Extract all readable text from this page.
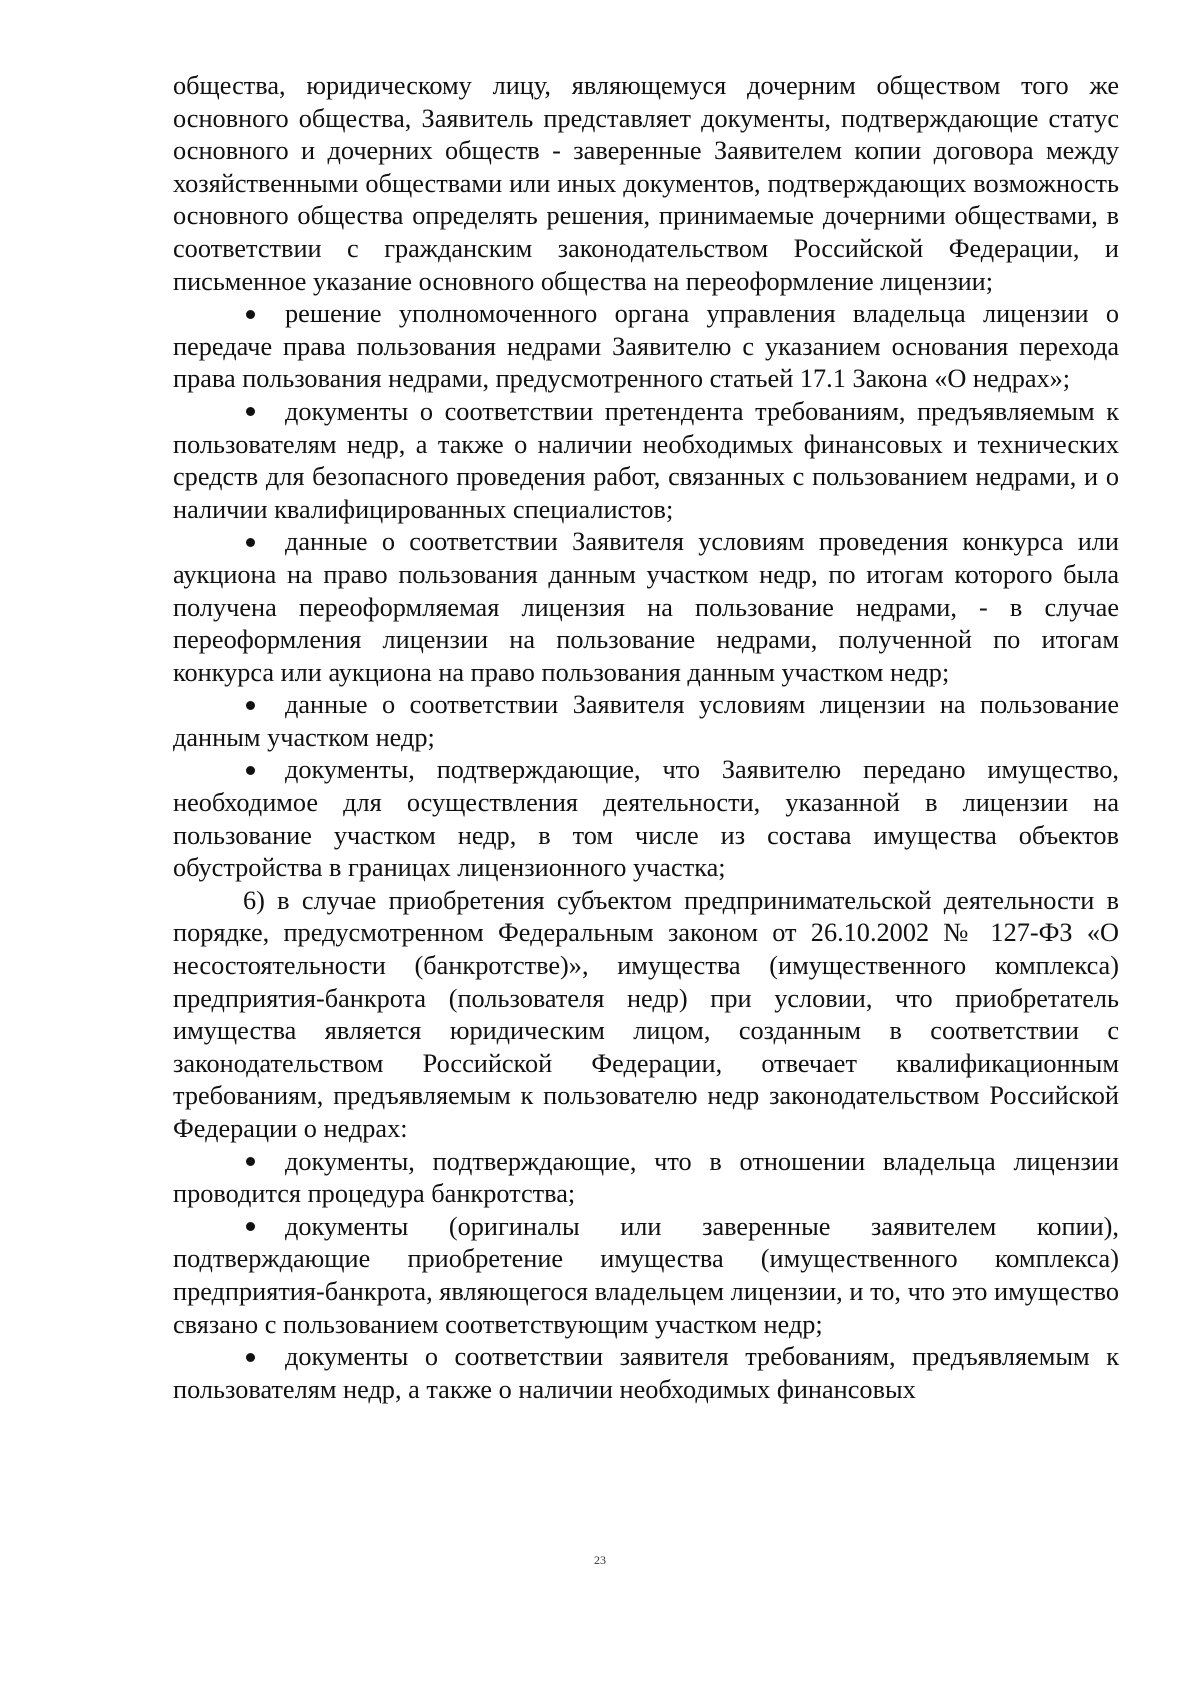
общества, юридическому лицу, являющемуся дочерним обществом того же основного общества, Заявитель представляет документы, подтверждающие статус основного и дочерних обществ - заверенные Заявителем копии договора между хозяйственными обществами или иных документов, подтверждающих возможность основного общества определять решения, принимаемые дочерними обществами, в соответствии с гражданским законодательством Российской Федерации, и письменное указание основного общества на переоформление лицензии;

решение уполномоченного органа управления владельца лицензии о передаче права пользования недрами Заявителю с указанием основания перехода права пользования недрами, предусмотренного статьей 17.1 Закона «О недрах»;

документы о соответствии претендента требованиям, предъявляемым к пользователям недр, а также о наличии необходимых финансовых и технических средств для безопасного проведения работ, связанных с пользованием недрами, и о наличии квалифицированных специалистов;

данные о соответствии Заявителя условиям проведения конкурса или аукциона на право пользования данным участком недр, по итогам которого была получена переоформляемая лицензия на пользование недрами, - в случае переоформления лицензии на пользование недрами, полученной по итогам конкурса или аукциона на право пользования данным участком недр;

данные о соответствии Заявителя условиям лицензии на пользование данным участком недр;

документы, подтверждающие, что Заявителю передано имущество, необходимое для осуществления деятельности, указанной в лицензии на пользование участком недр, в том числе из состава имущества объектов обустройства в границах лицензионного участка;

6) в случае приобретения субъектом предпринимательской деятельности в порядке, предусмотренном Федеральным законом от 26.10.2002 № 127-ФЗ «О несостоятельности (банкротстве)», имущества (имущественного комплекса) предприятия-банкрота (пользователя недр) при условии, что приобретатель имущества является юридическим лицом, созданным в соответствии с законодательством Российской Федерации, отвечает квалификационным требованиям, предъявляемым к пользователю недр законодательством Российской Федерации о недрах:

документы, подтверждающие, что в отношении владельца лицензии проводится процедура банкротства;

документы (оригиналы или заверенные заявителем копии), подтверждающие приобретение имущества (имущественного комплекса) предприятия-банкрота, являющегося владельцем лицензии, и то, что это имущество связано с пользованием соответствующим участком недр;

документы о соответствии заявителя требованиям, предъявляемым к пользователям недр, а также о наличии необходимых финансовых

23
